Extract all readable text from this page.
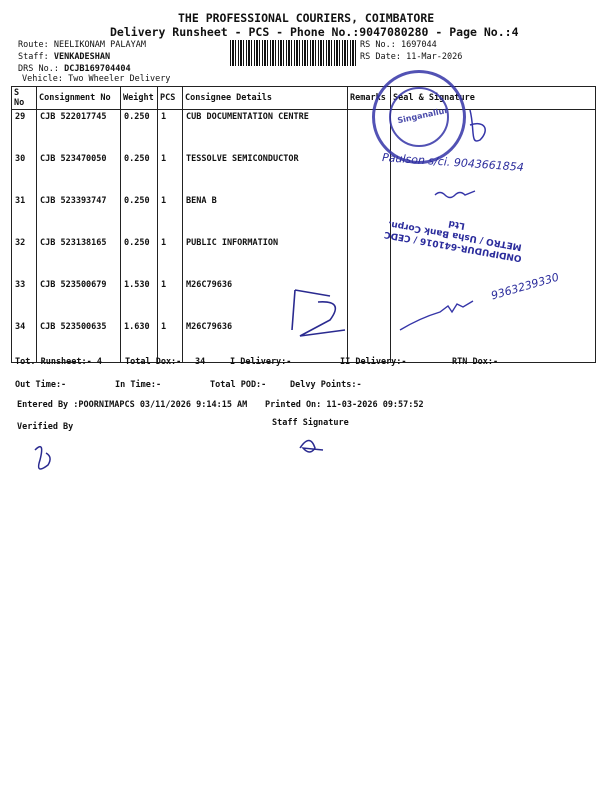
THE PROFESSIONAL COURIERS, COIMBATORE
Delivery Runsheet - PCS - Phone No.:9047080280 - Page No.:4
Route: NEELIKONAM PALAYAM
Staff: VENKADESHAN
DRS No.: DCJB169704404
Vehicle: Two Wheeler Delivery
RS No.: 1697044
RS Date: 11-Mar-2026
S No	Consignment No	Weight	PCS	Consignee Details	Remarks	Seal & Signature
29	CJB 522017745	0.250	1	CUB DOCUMENTATION CENTRE		
30	CJB 523470050	0.250	1	TESSOLVE SEMICONDUCTOR		
31	CJB 523393747	0.250	1	BENA B		
32	CJB 523138165	0.250	1	PUBLIC INFORMATION		
33	CJB 523500679	1.530	1	M26C79636		
34	CJB 523500635	1.630	1	M26C79636		
Singanallur
ONDIPUDUR-641016 / CEDC METRO / Usha Bank Corpn. Ltd
Paulson s/ci. 9043661854
9363239330
Tot. Runsheet:- 4	Total Dox:- 34	I Delivery:-	II Delivery:-	RTN Dox:-
Out Time:-	In Time:-	Total POD:-	Delvy Points:-
Entered By :POORNIMAPCS 03/11/2026 9:14:15 AM Printed On: 11-03-2026 09:57:52
Verified By	Staff Signature
